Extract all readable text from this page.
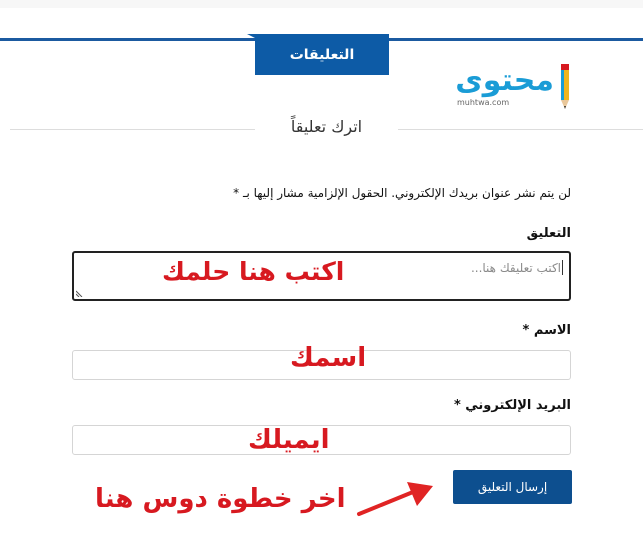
التعليقات
محتوى
muhtwa.com
اترك تعليقاً
لن يتم نشر عنوان بريدك الإلكتروني. الحقول الإلزامية مشار إليها بـ *
التعليق
اكتب تعليقك هنا...
اكتب هنا حلمك
الاسم *
اسمك
البريد الإلكتروني *
ايميلك
إرسال التعليق
اخر خطوة دوس هنا
